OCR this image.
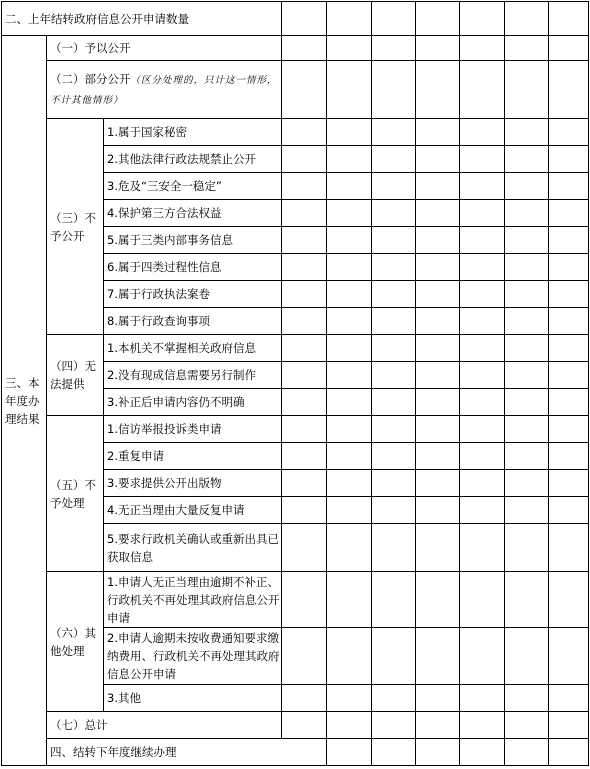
二、上年结转政府信息公开申请数量										
三、本年度办理结果	（一）予以公开									
	（二）部分公开（区分处理的，只计这一情形，不计其他情形）									
	（三）不予公开	1.属于国家秘密								
		2.其他法律行政法规禁止公开								
		3.危及“三安全一稳定”								
		4.保护第三方合法权益								
		5.属于三类内部事务信息								
		6.属于四类过程性信息								
		7.属于行政执法案卷								
		8.属于行政查询事项								
	（四）无法提供	1.本机关不掌握相关政府信息								
		2.没有现成信息需要另行制作								
		3.补正后申请内容仍不明确								
	（五）不予处理	1.信访举报投诉类申请								
		2.重复申请								
		3.要求提供公开出版物								
		4.无正当理由大量反复申请								
		5.要求行政机关确认或重新出具已获取信息								
	（六）其他处理	1.申请人无正当理由逾期不补正、行政机关不再处理其政府信息公开申请								
		2.申请人逾期未按收费通知要求缴纳费用、行政机关不再处理其政府信息公开申请								
		3.其他								
	（七）总计									
	四、结转下年度继续办理									
